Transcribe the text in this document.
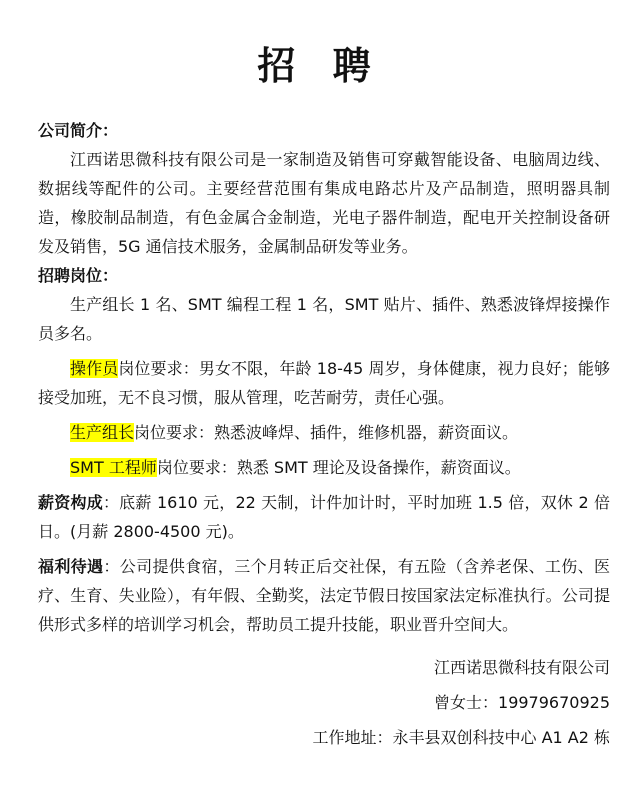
招 聘

公司简介：

江西诺思微科技有限公司是一家制造及销售可穿戴智能设备、电脑周边线、数据线等配件的公司。主要经营范围有集成电路芯片及产品制造，照明器具制造，橡胶制品制造，有色金属合金制造，光电子器件制造，配电开关控制设备研发及销售，5G 通信技术服务，金属制品研发等业务。

招聘岗位：

生产组长 1 名、SMT 编程工程 1 名，SMT 贴片、插件、熟悉波锋焊接操作员多名。

操作员岗位要求：男女不限，年龄 18-45 周岁，身体健康，视力良好；能够接受加班，无不良习惯，服从管理，吃苦耐劳，责任心强。

生产组长岗位要求：熟悉波峰焊、插件，维修机器，薪资面议。

SMT 工程师岗位要求：熟悉 SMT 理论及设备操作，薪资面议。

薪资构成：底薪 1610 元，22 天制，计件加计时，平时加班 1.5 倍，双休 2 倍日。(月薪 2800-4500 元)。

福利待遇：公司提供食宿，三个月转正后交社保，有五险（含养老保、工伤、医疗、生育、失业险），有年假、全勤奖，法定节假日按国家法定标准执行。公司提供形式多样的培训学习机会，帮助员工提升技能，职业晋升空间大。

江西诺思微科技有限公司

曾女士：19979670925

工作地址：永丰县双创科技中心 A1 A2 栋
